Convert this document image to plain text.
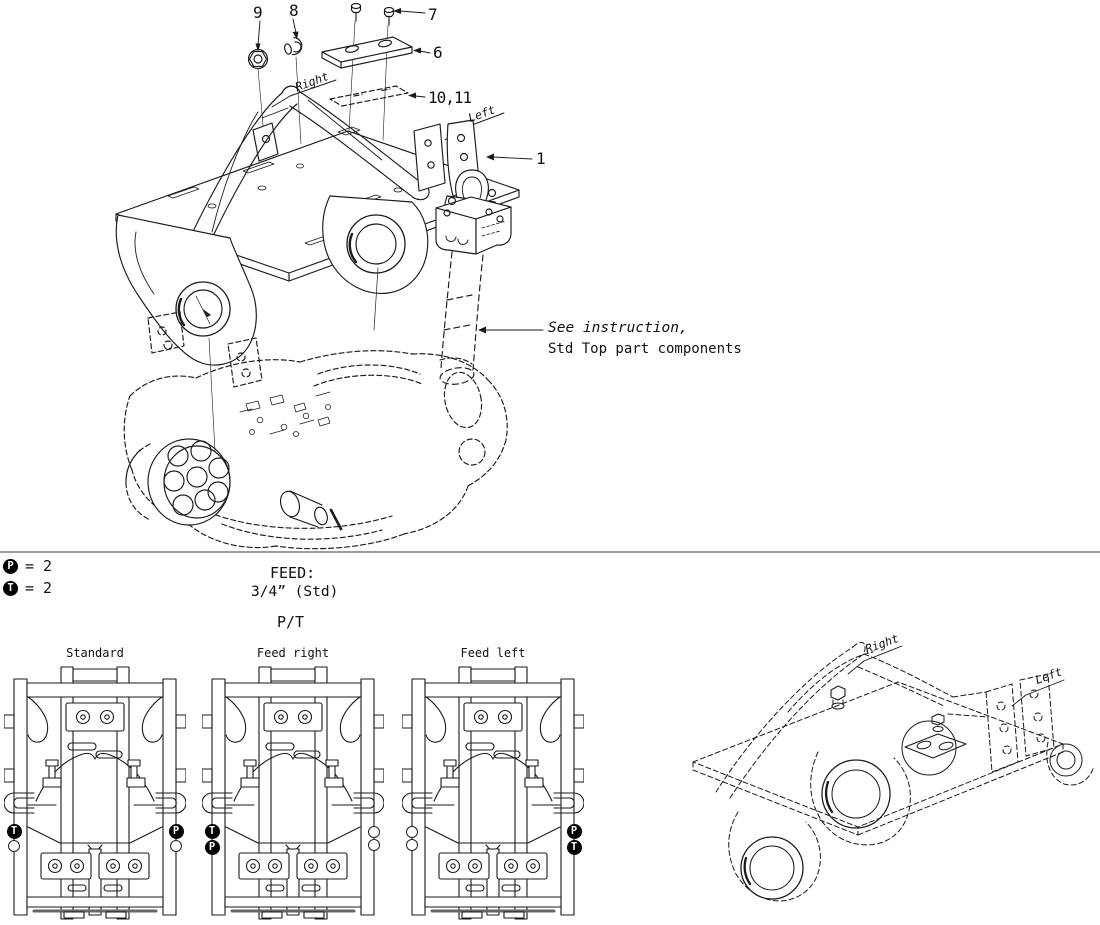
9 8	7
6
10,11
1
Right
Left
See instruction,
Std Top part components
P = 2
T = 2
FEED:
3/4” (Std)
P/T
Standard
T	P
Feed right
T
P
Feed left
P
T
Right
Left
